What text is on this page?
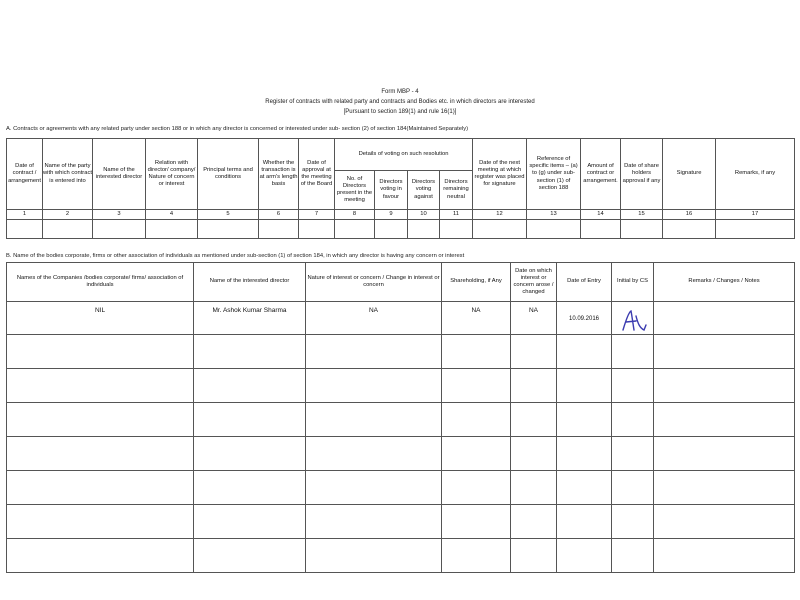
Form MBP - 4
Register of contracts with related party and contracts and Bodies etc. in which directors are interested
[Pursuant to section 189(1) and rule 16(1)]
A. Contracts or agreements with any related party under section 188 or in which any director is concerned or interested under sub- section (2) of section 184(Maintained Separately)
Date of contract / arrangement	Name of the party with which contract is entered into	Name of the interested director	Relation with director/ company/ Nature of concern or interest	Principal terms and conditions	Whether the transaction is at arm's length basis	Date of approval at the meeting of the Board	Details of voting on such resolution				Date of the next meeting at which register was placed for signature	Reference of specific items – (a) to (g) under sub-section (1) of section 188	Amount of contract or arrangement.	Date of share holders approval if any	Signature	Remarks, if any
							No. of Directors present in the meeting	Directors voting in favour	Directors voting against	Directors remaining neutral						
1	2	3	4	5	6	7	8	9	10	11	12	13	14	15	16	17

B. Name of the bodies corporate, firms or other association of individuals as mentioned under sub-section (1) of section 184, in which any director is having any concern or interest
Names of the Companies /bodies corporate/ firms/ association of individuals	Name of the interested director	Nature of interest or concern / Change in interest or concern	Shareholding, if Any	Date on which interest or concern arose / changed	Date of Entry	Initial by CS	Remarks / Changes / Notes

NIL	Mr. Ashok Kumar Sharma	NA	NA	NA	10.09.2016
